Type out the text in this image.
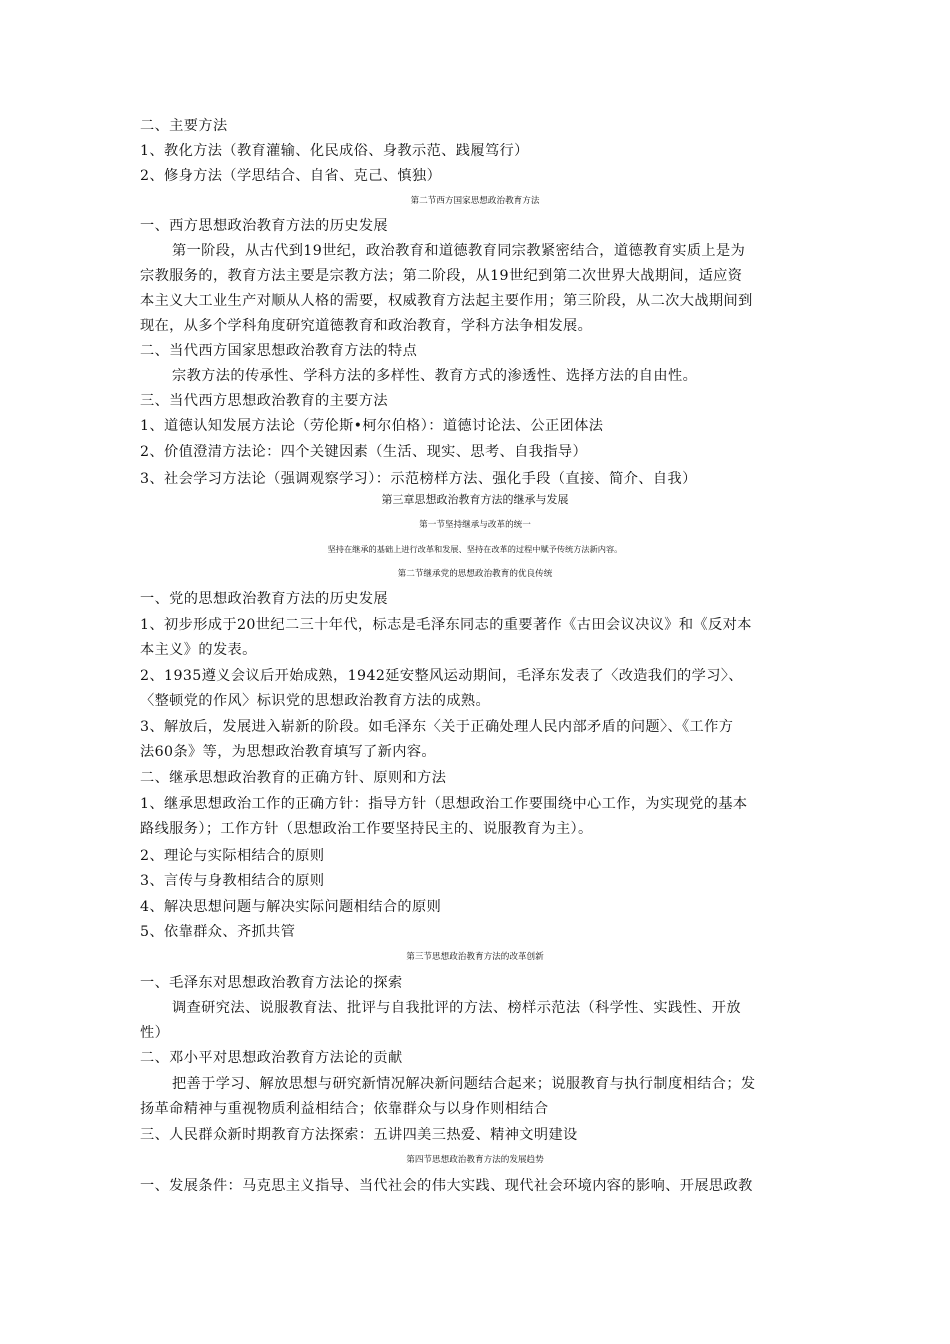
二、主要方法
1、教化方法（教育灌输、化民成俗、身教示范、践履笃行）
2、修身方法（学思结合、自省、克己、慎独）
第二节西方国家思想政治教育方法
一、西方思想政治教育方法的历史发展
第一阶段，从古代到19世纪，政治教育和道德教育同宗教紧密结合，道德教育实质上是为
宗教服务的，教育方法主要是宗教方法；第二阶段，从19世纪到第二次世界大战期间，适应资
本主义大工业生产对顺从人格的需要，权威教育方法起主要作用；第三阶段，从二次大战期间到
现在，从多个学科角度研究道德教育和政治教育，学科方法争相发展。
二、当代西方国家思想政治教育方法的特点
宗教方法的传承性、学科方法的多样性、教育方式的渗透性、选择方法的自由性。
三、当代西方思想政治教育的主要方法
1、道德认知发展方法论（劳伦斯•柯尔伯格）：道德讨论法、公正团体法
2、价值澄清方法论：四个关键因素（生活、现实、思考、自我指导）
3、社会学习方法论（强调观察学习）：示范榜样方法、强化手段（直接、简介、自我）
第三章思想政治教育方法的继承与发展
第一节坚持继承与改革的统一
坚持在继承的基础上进行改革和发展、坚持在改革的过程中赋予传统方法新内容。
第二节继承党的思想政治教育的优良传统
一、党的思想政治教育方法的历史发展
1、初步形成于20世纪二三十年代，标志是毛泽东同志的重要著作《古田会议决议》和《反对本
本主义》的发表。
2、1935遵义会议后开始成熟，1942延安整风运动期间，毛泽东发表了〈改造我们的学习〉、
〈整顿党的作风〉标识党的思想政治教育方法的成熟。
3、解放后，发展进入崭新的阶段。如毛泽东〈关于正确处理人民内部矛盾的问题〉、《工作方
法60条》等，为思想政治教育填写了新内容。
二、继承思想政治教育的正确方针、原则和方法
1、继承思想政治工作的正确方针：指导方针（思想政治工作要围绕中心工作，为实现党的基本
路线服务）；工作方针（思想政治工作要坚持民主的、说服教育为主）。
2、理论与实际相结合的原则
3、言传与身教相结合的原则
4、解决思想问题与解决实际问题相结合的原则
5、依靠群众、齐抓共管
第三节思想政治教育方法的改革创新
一、毛泽东对思想政治教育方法论的探索
调查研究法、说服教育法、批评与自我批评的方法、榜样示范法（科学性、实践性、开放
性）
二、邓小平对思想政治教育方法论的贡献
把善于学习、解放思想与研究新情况解决新问题结合起来；说服教育与执行制度相结合；发
扬革命精神与重视物质利益相结合；依靠群众与以身作则相结合
三、人民群众新时期教育方法探索：五讲四美三热爱、精神文明建设
第四节思想政治教育方法的发展趋势
一、发展条件：马克思主义指导、当代社会的伟大实践、现代社会环境内容的影响、开展思政教
